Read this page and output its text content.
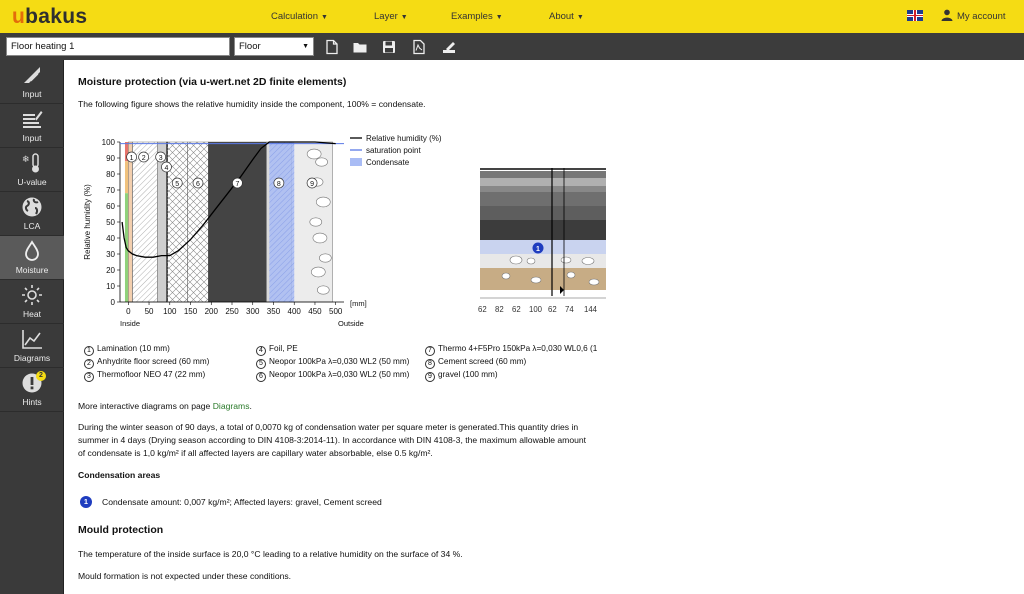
ubakus	Calculation ▼	Layer ▼	Examples ▼	About ▼	My account
Floor heating 1
Floor	▼
Input
Input
❄
U-value
LCA
Moisture
Heat
Diagrams
2
Hints
Moisture protection (via u-wert.net 2D finite elements)
The following figure shows the relative humidity inside the component, 100% = condensate.
0
10
20
30
40
50
60
70
80
90
100
0 50 100 150 200 250 300 350 400 450 500
[mm]
Inside	Outside
Relative humidity (%)
1 2 3
4
5 6	7	8	9
Relative humidity (%)
saturation point
Condensate
1
62 82 62 100 62 74 144
1 Lamination (10 mm)
2 Anhydrite floor screed (60 mm)
3 Thermofloor NEO 47 (22 mm)
4 Foil, PE
5 Neopor 100kPa λ=0,030 WL2 (50 mm)
6 Neopor 100kPa λ=0,030 WL2 (50 mm)
7 Thermo 4+F5Pro 150kPa λ=0,030 WL0,6 (1
8 Cement screed (60 mm)
9 gravel (100 mm)
More interactive diagrams on page Diagrams.
During the winter season of 90 days, a total of 0,0070 kg of condensation water per square meter is generated.This quantity dries in
summer in 4 days (Drying season according to DIN 4108-3:2014-11). In accordance with DIN 4108-3, the maximum allowable amount
of condensate is 1,0 kg/m² if all affected layers are capillary water absorbable, else 0.5 kg/m².
Condensation areas
1	Condensate amount: 0,007 kg/m²; Affected layers: gravel, Cement screed
Mould protection
The temperature of the inside surface is 20,0 °C leading to a relative humidity on the surface of 34 %.
Mould formation is not expected under these conditions.
